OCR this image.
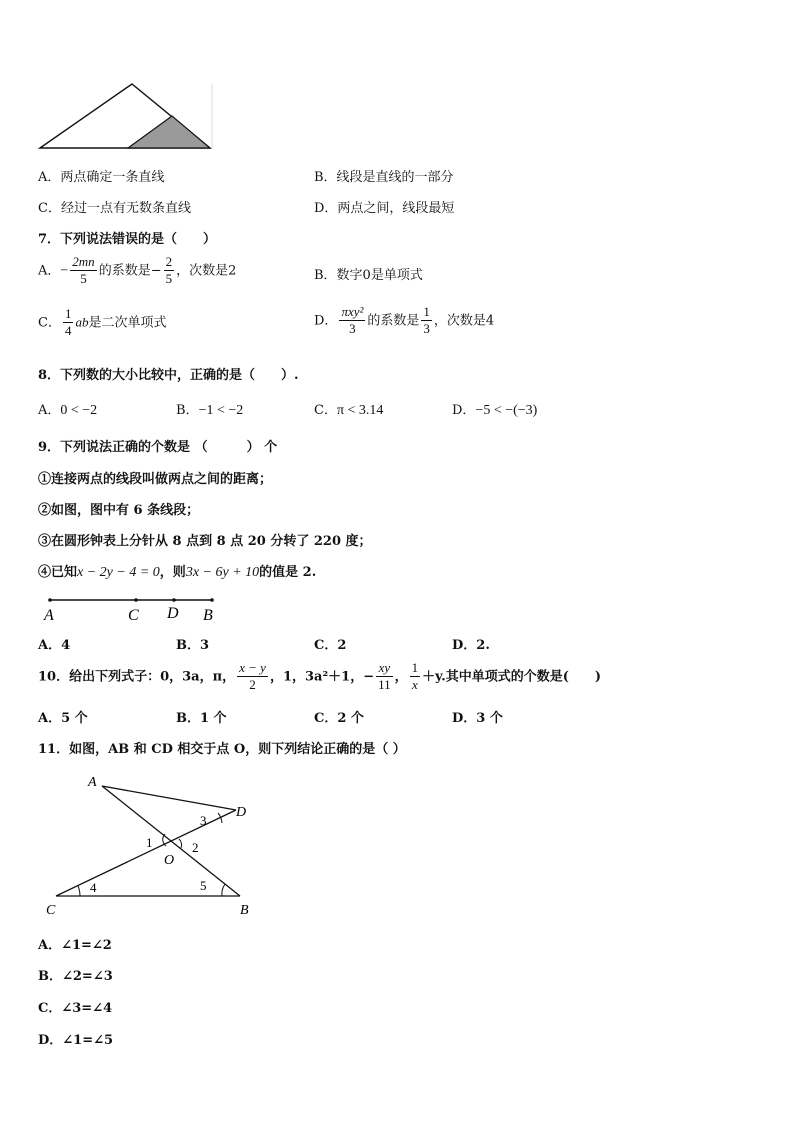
A．两点确定一条直线	B．线段是直线的一部分
C．经过一点有无数条直线	D．两点之间，线段最短
7．下列说法错误的是（　　）
A．− $\frac{2mn}{5}$ 的系数是− $\frac{2}{5}$ ，次数是2	B．数字0是单项式
C． $\frac{1}{4}$ ab是二次单项式	D． $\frac{\text{πxy²}}{3}$ 的系数是 $\frac{1}{3}$ ，次数是4
8．下列数的大小比较中，正确的是（　　）.
A．0 < −2	B．−1 < −2	C．π < 3.14	D．−5 < −(−3)
9．下列说法正确的个数是 （　　　） 个
①连接两点的线段叫做两点之间的距离；
②如图，图中有 6 条线段；
③在圆形钟表上分针从 8 点到 8 点 20 分转了 220 度；
④已知x − 2y − 4 = 0，则3x − 6y + 10的值是 2.
A	C D B
A．4	B．3	C．2	D．2.
10．给出下列式子：0，3a，π， $\frac{x - y}{2}$ ，1，3a²＋1，− $\frac{xy}{11}$ ， $\frac{1}{x} +y$.其中单项式的个数是(　　)
A．5 个	B．1 个	C．2 个	D．3 个
11．如图，AB 和 CD 相交于点 O，则下列结论正确的是（ ）
A
D
C	B
O
1	2
3
4	5
A．∠1=∠2
B．∠2=∠3
C．∠3=∠4
D．∠1=∠5
